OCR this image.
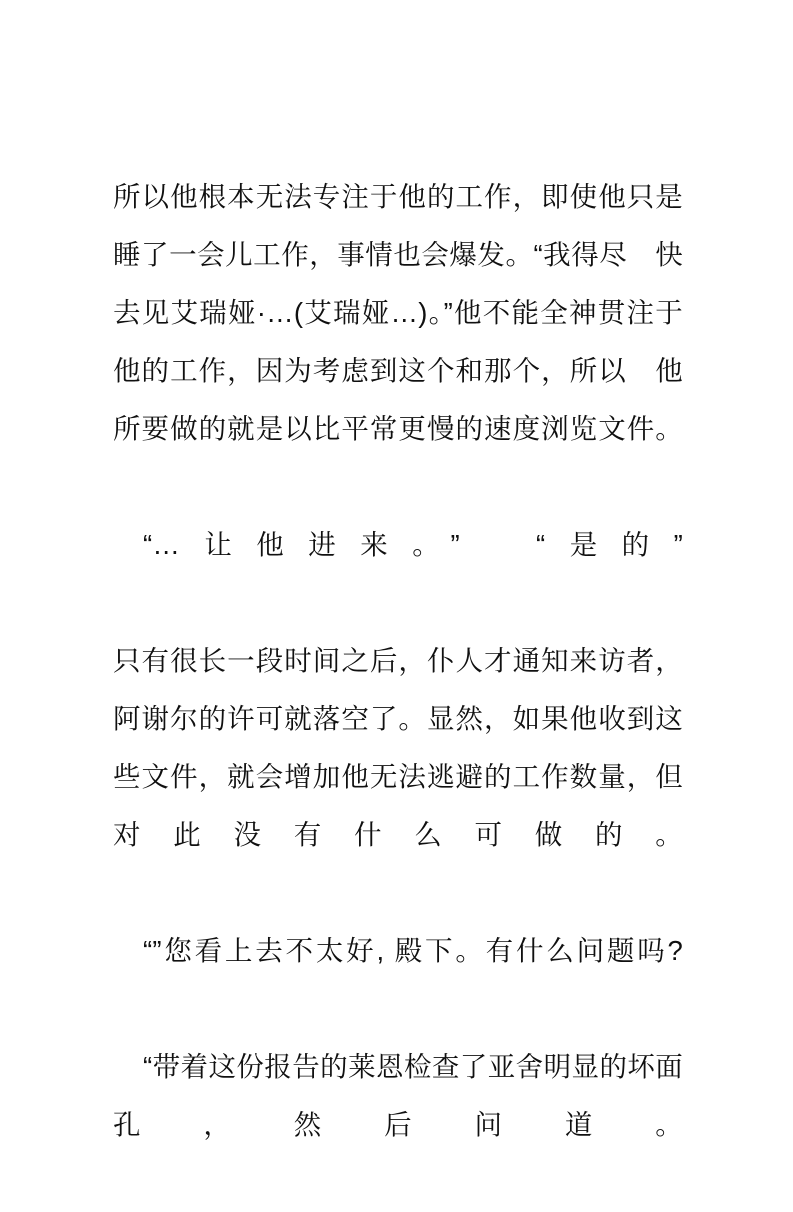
所以他根本无法专注于他的工作，即使他只是睡了一会儿工作，事情也会爆发。“我得尽　快去见艾瑞娅·…(艾瑞娅…)。”他不能全神贯注于他的工作，因为考虑到这个和那个，所以　他所要做的就是以比平常更慢的速度浏览文件。

“…让他进来。”　“是的”

只有很长一段时间之后，仆人才通知来访者，阿谢尔的许可就落空了。显然，如果他收到这些文件，就会增加他无法逃避的工作数量，但对此没有什么可做的。

“”您看上去不太好, 殿下。有什么问题吗?

“带着这份报告的莱恩检查了亚舍明显的坏面　孔，然后问道。
